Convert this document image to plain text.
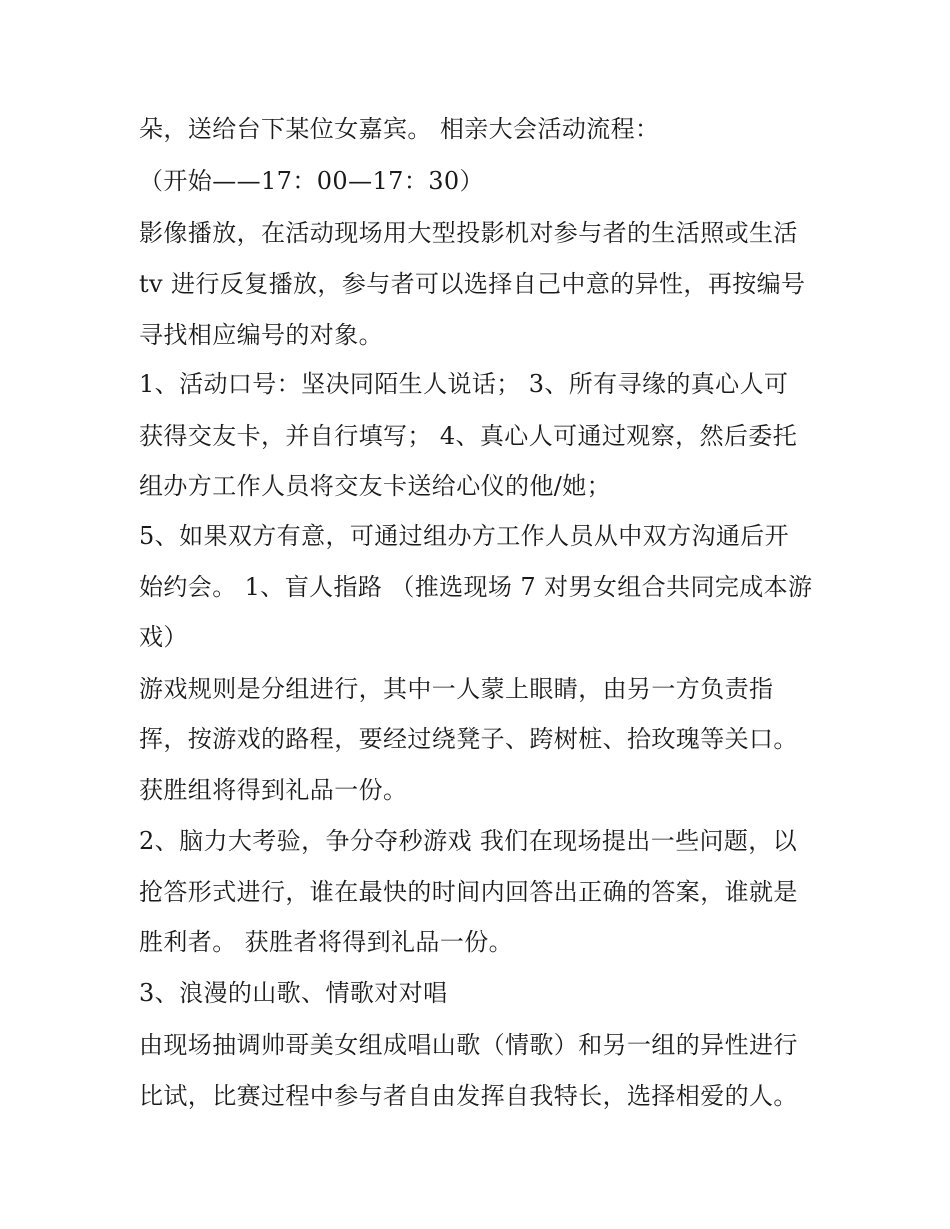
朵，送给台下某位女嘉宾。 相亲大会活动流程：

（开始——17：00—17：30）

影像播放，在活动现场用大型投影机对参与者的生活照或生活

tv 进行反复播放，参与者可以选择自己中意的异性，再按编号

寻找相应编号的对象。

1、活动口号：坚决同陌生人说话； 3、所有寻缘的真心人可

获得交友卡，并自行填写； 4、真心人可通过观察，然后委托

组办方工作人员将交友卡送给心仪的他/她；

5、如果双方有意，可通过组办方工作人员从中双方沟通后开

始约会。 1、盲人指路 （推选现场 7 对男女组合共同完成本游

戏）

游戏规则是分组进行，其中一人蒙上眼睛，由另一方负责指

挥，按游戏的路程，要经过绕凳子、跨树桩、拾玫瑰等关口。

获胜组将得到礼品一份。

2、脑力大考验，争分夺秒游戏 我们在现场提出一些问题，以

抢答形式进行，谁在最快的时间内回答出正确的答案，谁就是

胜利者。 获胜者将得到礼品一份。

3、浪漫的山歌、情歌对对唱

由现场抽调帅哥美女组成唱山歌（情歌）和另一组的异性进行

比试，比赛过程中参与者自由发挥自我特长，选择相爱的人。
